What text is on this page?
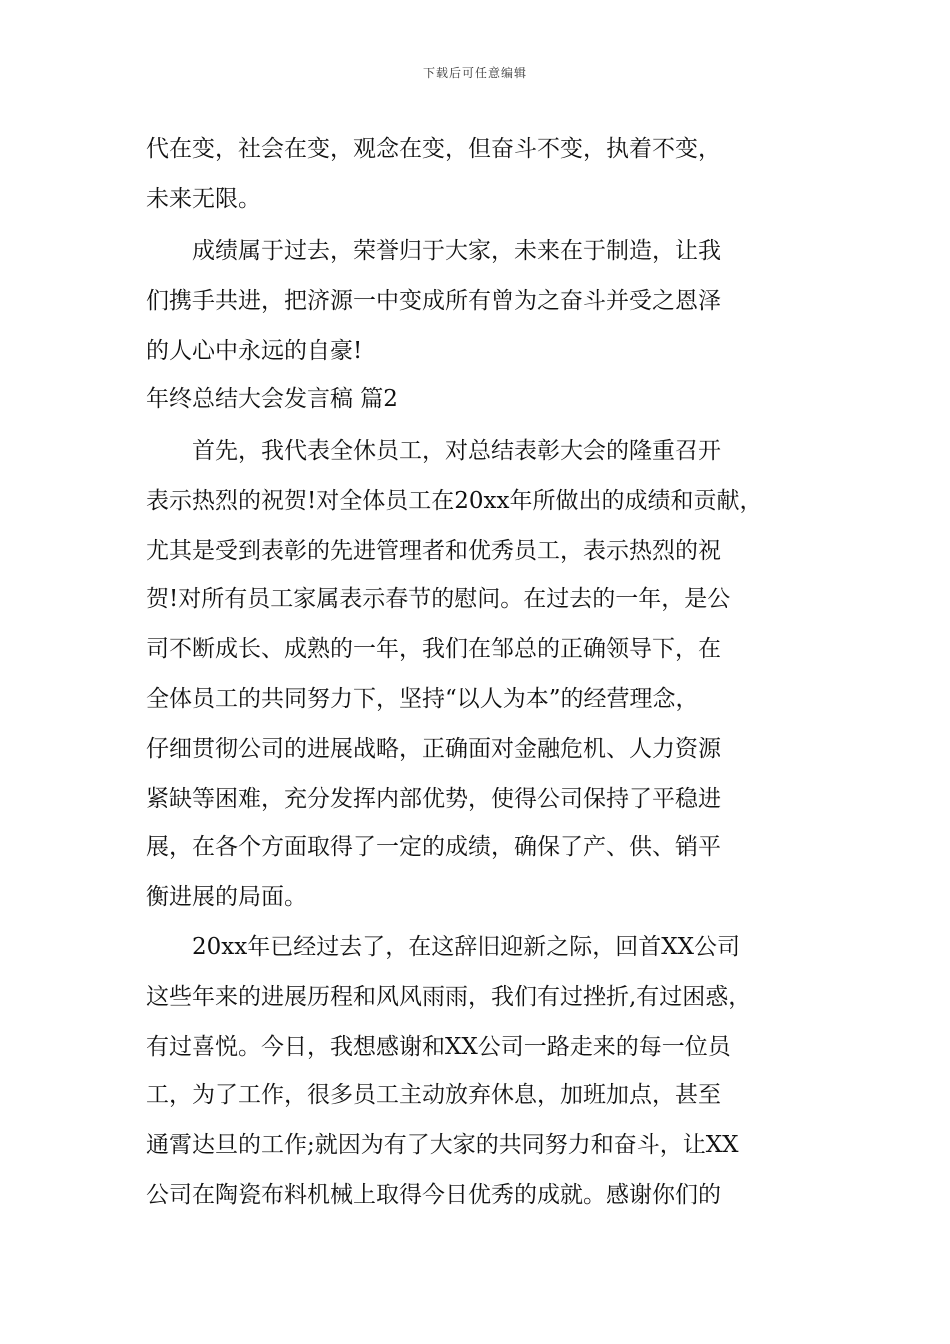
下载后可任意编辑
代在变，社会在变，观念在变，但奋斗不变，执着不变，
未来无限。
　　成绩属于过去，荣誉归于大家，未来在于制造，让我
们携手共进，把济源一中变成所有曾为之奋斗并受之恩泽
的人心中永远的自豪!
年终总结大会发言稿 篇2
　　首先，我代表全休员工，对总结表彰大会的隆重召开
表示热烈的祝贺!对全体员工在20xx年所做出的成绩和贡献，
尤其是受到表彰的先进管理者和优秀员工，表示热烈的祝
贺!对所有员工家属表示春节的慰问。在过去的一年，是公
司不断成长、成熟的一年，我们在邹总的正确领导下，在
全体员工的共同努力下，坚持“以人为本”的经营理念，
仔细贯彻公司的进展战略，正确面对金融危机、人力资源
紧缺等困难，充分发挥内部优势，使得公司保持了平稳进
展，在各个方面取得了一定的成绩，确保了产、供、销平
衡进展的局面。
　　20xx年已经过去了，在这辞旧迎新之际，回首XX公司
这些年来的进展历程和风风雨雨，我们有过挫折,有过困惑，
有过喜悦。今日，我想感谢和XX公司一路走来的每一位员
工，为了工作，很多员工主动放弃休息，加班加点，甚至
通霄达旦的工作;就因为有了大家的共同努力和奋斗，让XX
公司在陶瓷布料机械上取得今日优秀的成就。感谢你们的
